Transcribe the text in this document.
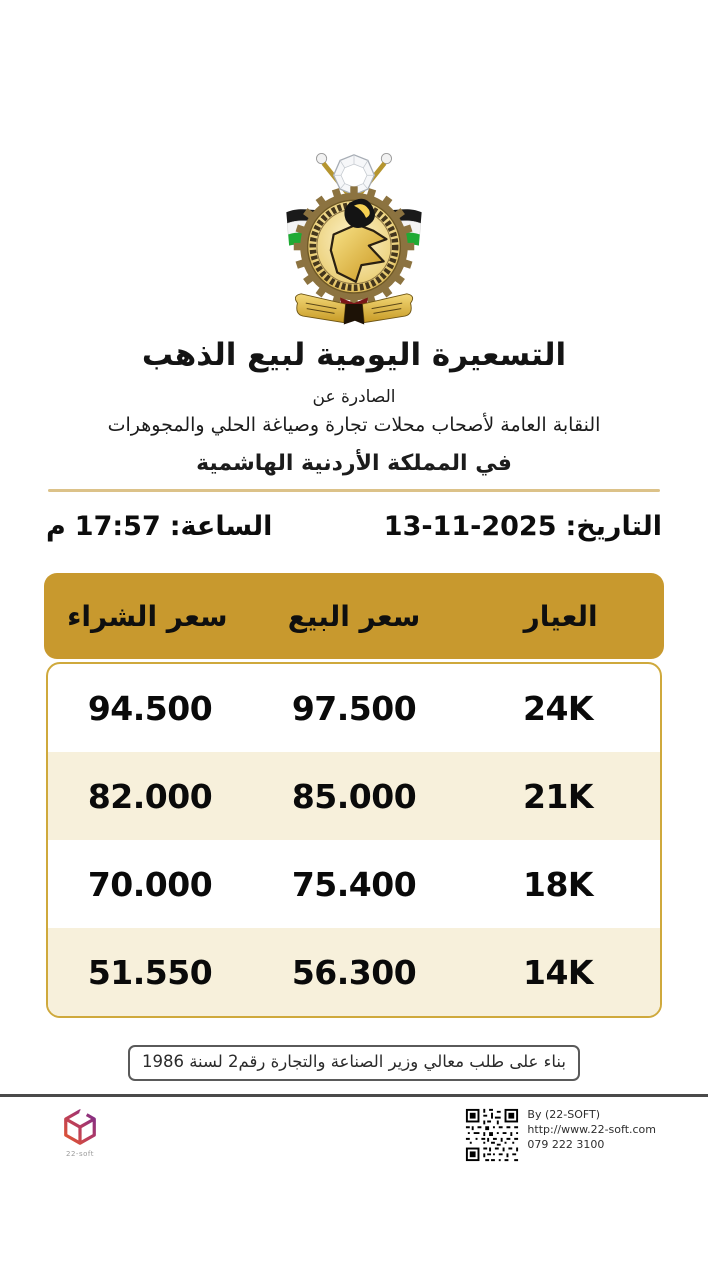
التسعيرة اليومية لبيع الذهب
الصادرة عن
النقابة العامة لأصحاب محلات تجارة وصياغة الحلي والمجوهرات
في المملكة الأردنية الهاشمية
التاريخ:
13-11-2025
الساعة:
17:57
م
العيار
سعر البيع
سعر الشراء
24K
97.500
94.500
21K
85.000
82.000
18K
75.400
70.000
14K
56.300
51.550
بناء على طلب معالي وزير الصناعة والتجارة رقم2 لسنة 1986
22-soft
By (22-SOFT)
http://www.22-soft.com
079 222 3100
